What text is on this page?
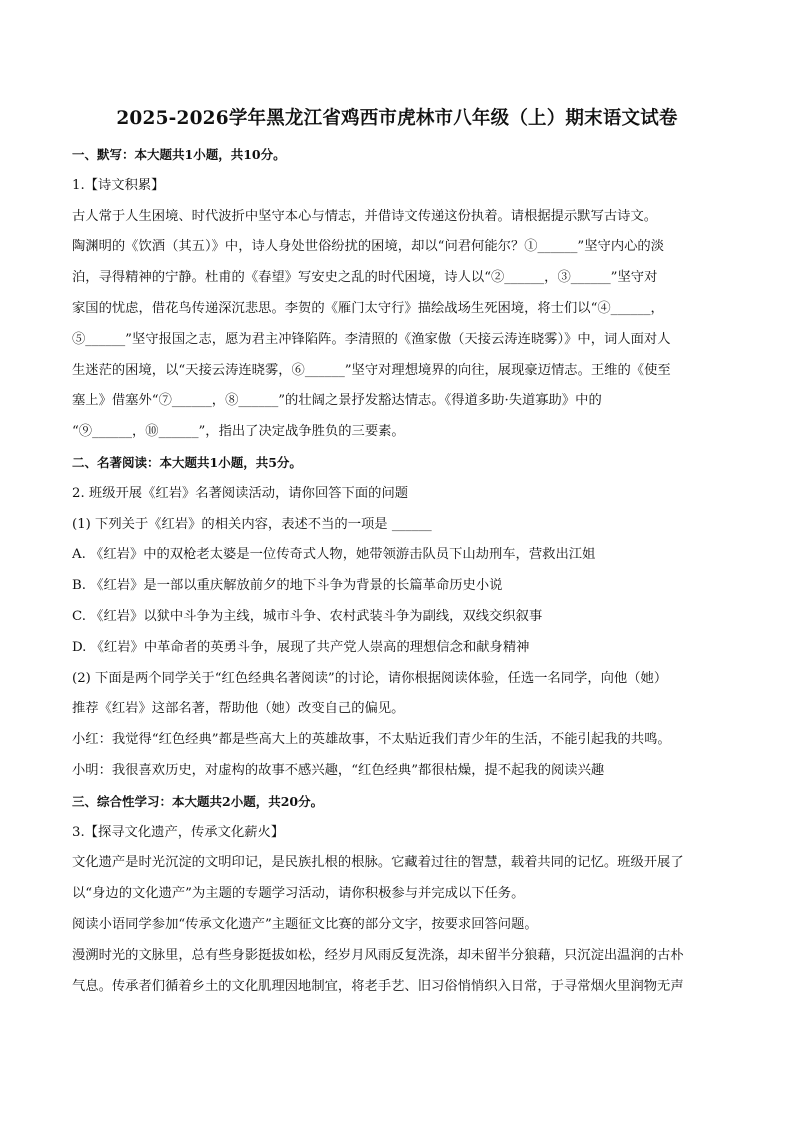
2025-2026学年黑龙江省鸡西市虎林市八年级（上）期末语文试卷
一、默写：本大题共1小题，共10分。
1.【诗文积累】
古人常于人生困境、时代波折中坚守本心与情志，并借诗文传递这份执着。请根据提示默写古诗文。
陶渊明的《饮酒（其五）》中，诗人身处世俗纷扰的困境，却以“问君何能尔？①______”坚守内心的淡
泊，寻得精神的宁静。杜甫的《春望》写安史之乱的时代困境，诗人以“②______，③______”坚守对
家国的忧虑，借花鸟传递深沉悲思。李贺的《雁门太守行》描绘战场生死困境，将士们以“④______，
⑤______”坚守报国之志，愿为君主冲锋陷阵。李清照的《渔家傲（天接云涛连晓雾）》中，词人面对人
生迷茫的困境，以“天接云涛连晓雾，⑥______”坚守对理想境界的向往，展现豪迈情志。王维的《使至
塞上》借塞外“⑦______，⑧______”的壮阔之景抒发豁达情志。《得道多助·失道寡助》中的
“⑨______，⑩______”，指出了决定战争胜负的三要素。
二、名著阅读：本大题共1小题，共5分。
2. 班级开展《红岩》名著阅读活动，请你回答下面的问题
(1) 下列关于《红岩》的相关内容，表述不当的一项是 ______
A. 《红岩》中的双枪老太婆是一位传奇式人物，她带领游击队员下山劫刑车，营救出江姐
B. 《红岩》是一部以重庆解放前夕的地下斗争为背景的长篇革命历史小说
C. 《红岩》以狱中斗争为主线，城市斗争、农村武装斗争为副线，双线交织叙事
D. 《红岩》中革命者的英勇斗争，展现了共产党人崇高的理想信念和献身精神
(2) 下面是两个同学关于“红色经典名著阅读”的讨论，请你根据阅读体验，任选一名同学，向他（她）
推荐《红岩》这部名著，帮助他（她）改变自己的偏见。
小红：我觉得“红色经典”都是些高大上的英雄故事，不太贴近我们青少年的生活，不能引起我的共鸣。
小明：我很喜欢历史，对虚构的故事不感兴趣，“红色经典”都很枯燥，提不起我的阅读兴趣
三、综合性学习：本大题共2小题，共20分。
3.【探寻文化遗产，传承文化薪火】
文化遗产是时光沉淀的文明印记，是民族扎根的根脉。它藏着过往的智慧，载着共同的记忆。班级开展了
以“身边的文化遗产”为主题的专题学习活动，请你积极参与并完成以下任务。
阅读小语同学参加“传承文化遗产”主题征文比赛的部分文字，按要求回答问题。
漫溯时光的文脉里，总有些身影挺拔如松，经岁月风雨反复洗涤，却未留半分狼藉，只沉淀出温润的古朴
气息。传承者们循着乡土的文化肌理因地制宜，将老手艺、旧习俗悄悄织入日常，于寻常烟火里润物无声
